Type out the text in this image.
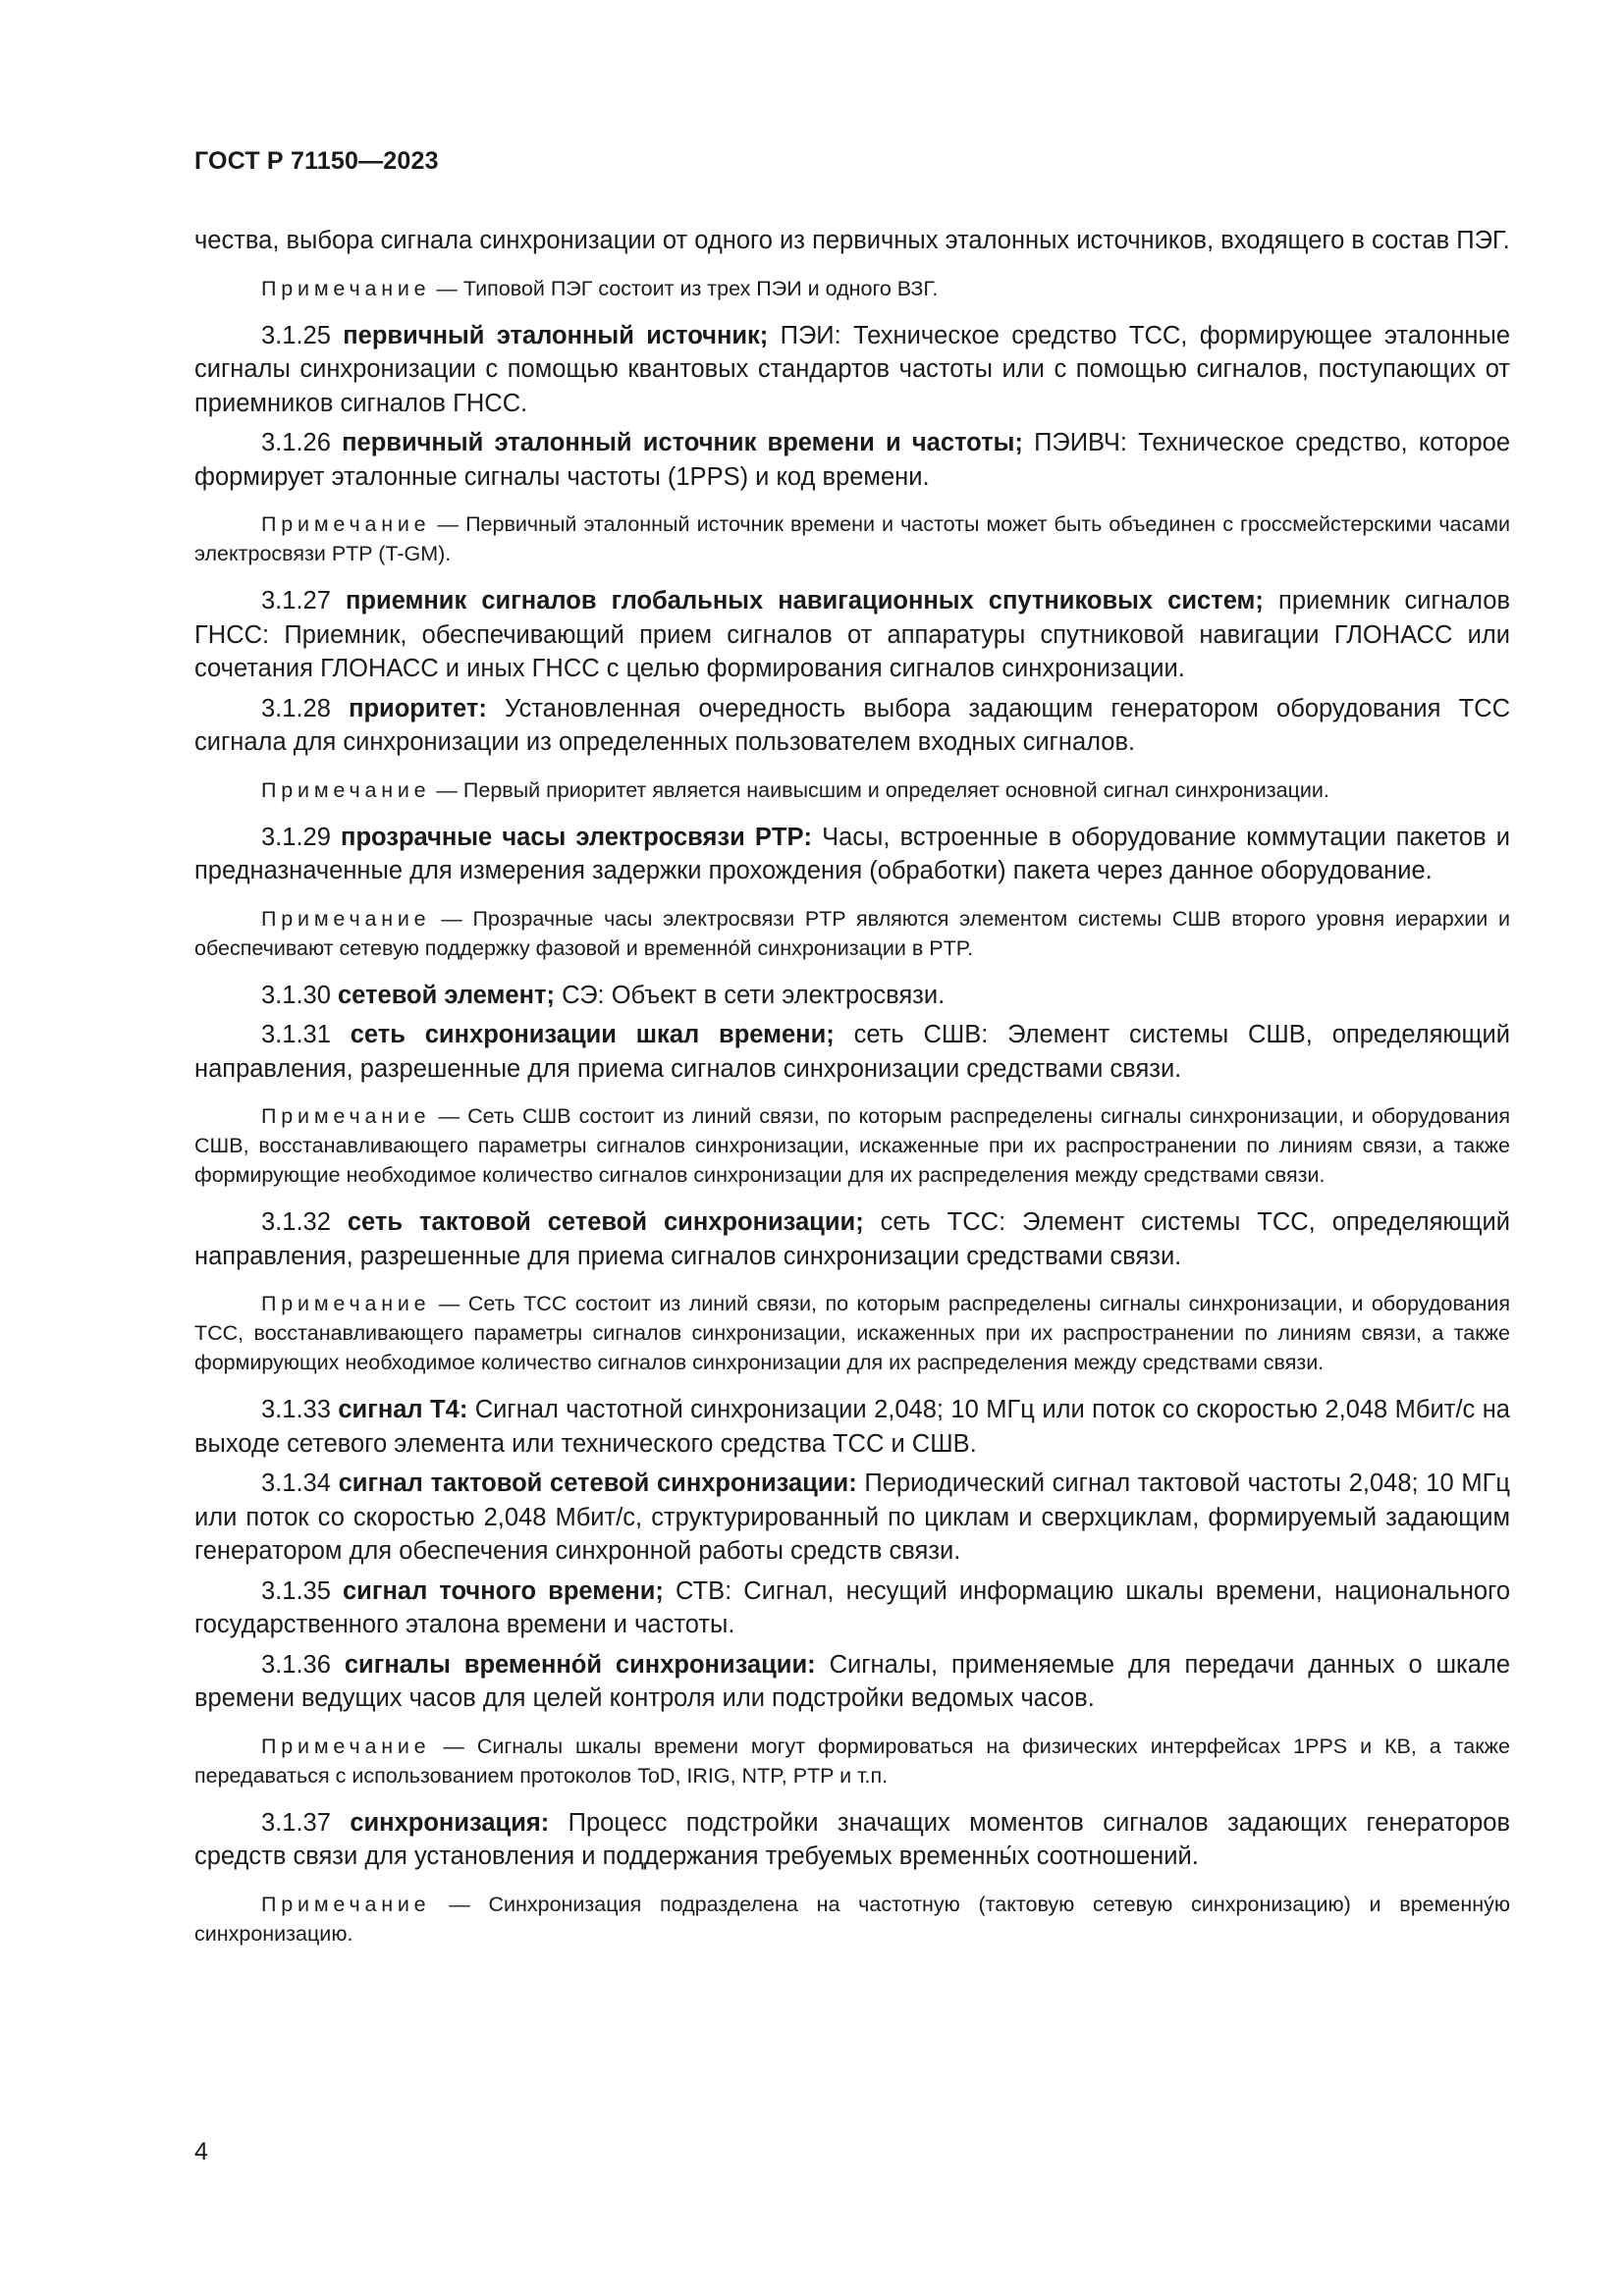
ГОСТ Р 71150—2023

чества, выбора сигнала синхронизации от одного из первичных эталонных источников, входящего в состав ПЭГ.

Примечание — Типовой ПЭГ состоит из трех ПЭИ и одного ВЗГ.

3.1.25 первичный эталонный источник; ПЭИ: Техническое средство ТСС, формирующее эталонные сигналы синхронизации с помощью квантовых стандартов частоты или с помощью сигналов, поступающих от приемников сигналов ГНСС.

3.1.26 первичный эталонный источник времени и частоты; ПЭИВЧ: Техническое средство, которое формирует эталонные сигналы частоты (1PPS) и код времени.

Примечание — Первичный эталонный источник времени и частоты может быть объединен с гроссмейстерскими часами электросвязи PTP (T-GM).

3.1.27 приемник сигналов глобальных навигационных спутниковых систем; приемник сигналов ГНСС: Приемник, обеспечивающий прием сигналов от аппаратуры спутниковой навигации ГЛОНАСС или сочетания ГЛОНАСС и иных ГНСС с целью формирования сигналов синхронизации.

3.1.28 приоритет: Установленная очередность выбора задающим генератором оборудования ТСС сигнала для синхронизации из определенных пользователем входных сигналов.

Примечание — Первый приоритет является наивысшим и определяет основной сигнал синхронизации.

3.1.29 прозрачные часы электросвязи PTP: Часы, встроенные в оборудование коммутации пакетов и предназначенные для измерения задержки прохождения (обработки) пакета через данное оборудование.

Примечание — Прозрачные часы электросвязи PTP являются элементом системы СШВ второго уровня иерархии и обеспечивают сетевую поддержку фазовой и временно́й синхронизации в PTP.

3.1.30 сетевой элемент; СЭ: Объект в сети электросвязи.

3.1.31 сеть синхронизации шкал времени; сеть СШВ: Элемент системы СШВ, определяющий направления, разрешенные для приема сигналов синхронизации средствами связи.

Примечание — Сеть СШВ состоит из линий связи, по которым распределены сигналы синхронизации, и оборудования СШВ, восстанавливающего параметры сигналов синхронизации, искаженные при их распространении по линиям связи, а также формирующие необходимое количество сигналов синхронизации для их распределения между средствами связи.

3.1.32 сеть тактовой сетевой синхронизации; сеть ТСС: Элемент системы ТСС, определяющий направления, разрешенные для приема сигналов синхронизации средствами связи.

Примечание — Сеть ТСС состоит из линий связи, по которым распределены сигналы синхронизации, и оборудования ТСС, восстанавливающего параметры сигналов синхронизации, искаженных при их распространении по линиям связи, а также формирующих необходимое количество сигналов синхронизации для их распределения между средствами связи.

3.1.33 сигнал Т4: Сигнал частотной синхронизации 2,048; 10 МГц или поток со скоростью 2,048 Мбит/с на выходе сетевого элемента или технического средства ТСС и СШВ.

3.1.34 сигнал тактовой сетевой синхронизации: Периодический сигнал тактовой частоты 2,048; 10 МГц или поток со скоростью 2,048 Мбит/с, структурированный по циклам и сверхциклам, формируемый задающим генератором для обеспечения синхронной работы средств связи.

3.1.35 сигнал точного времени; СТВ: Сигнал, несущий информацию шкалы времени, национального государственного эталона времени и частоты.

3.1.36 сигналы временно́й синхронизации: Сигналы, применяемые для передачи данных о шкале времени ведущих часов для целей контроля или подстройки ведомых часов.

Примечание — Сигналы шкалы времени могут формироваться на физических интерфейсах 1PPS и КВ, а также передаваться с использованием протоколов ToD, IRIG, NTP, PTP и т.п.

3.1.37 синхронизация: Процесс подстройки значащих моментов сигналов задающих генераторов средств связи для установления и поддержания требуемых временны́х соотношений.

Примечание — Синхронизация подразделена на частотную (тактовую сетевую синхронизацию) и временну́ю синхронизацию.

4
